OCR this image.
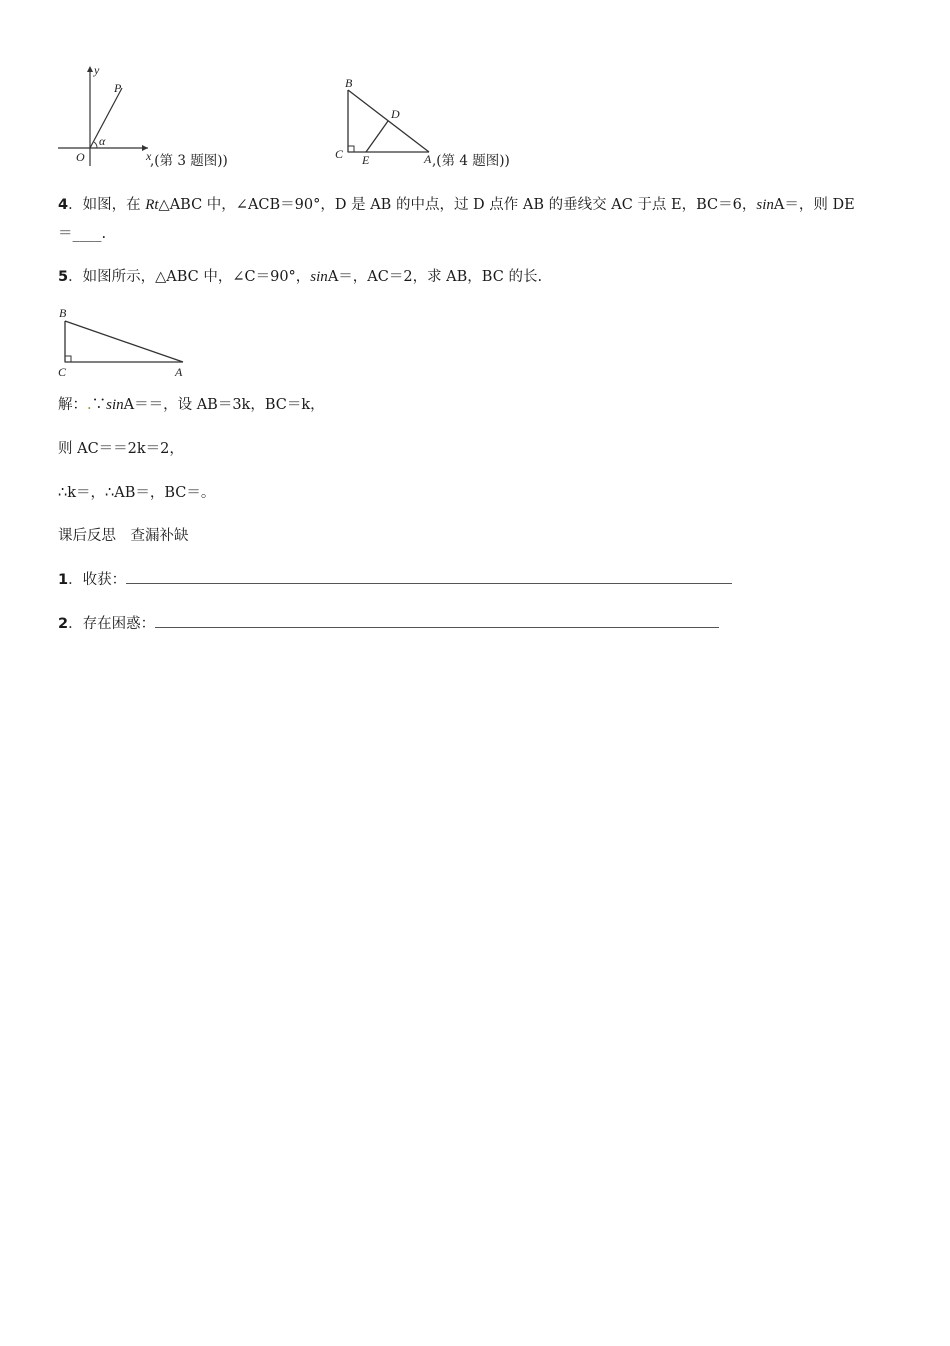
y
P
α
O	x
,(第 3 题图))
B
D
C E	A ,(第 4 题图))
4．如图，在 Rt△ABC 中，∠ACB＝90°，D 是 AB 的中点，过 D 点作 AB 的垂线交 AC 于点 E，BC＝6，sinA＝，则 DE
＝____.
5．如图所示，△ABC 中，∠C＝90°，sinA＝，AC＝2，求 AB，BC 的长.
B
C	A
解：.∵sinA＝＝，设 AB＝3k，BC＝k，
则 AC＝＝2k＝2，
∴k＝，∴AB＝，BC＝。
课后反思　查漏补缺
1．收获：
2．存在困惑：
